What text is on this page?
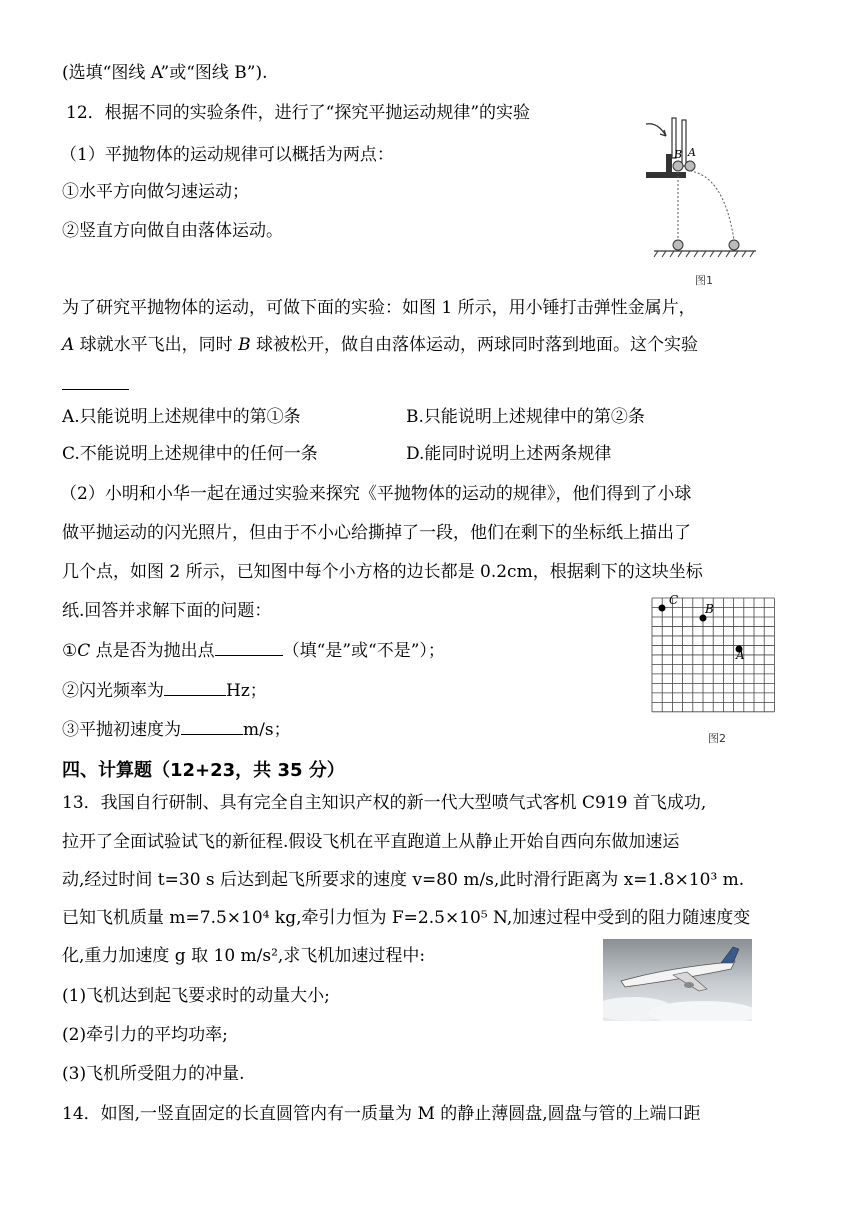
(选填“图线 A”或“图线 B”).
12．根据不同的实验条件，进行了“探究平抛运动规律”的实验
（1）平抛物体的运动规律可以概括为两点：
①水平方向做匀速运动；
②竖直方向做自由落体运动。
为了研究平抛物体的运动，可做下面的实验：如图 1 所示，用小锤打击弹性金属片，
A 球就水平飞出，同时 B 球被松开，做自由落体运动，两球同时落到地面。这个实验
A.只能说明上述规律中的第①条	B.只能说明上述规律中的第②条
C.不能说明上述规律中的任何一条	D.能同时说明上述两条规律
（2）小明和小华一起在通过实验来探究《平抛物体的运动的规律》，他们得到了小球
做平抛运动的闪光照片，但由于不小心给撕掉了一段，他们在剩下的坐标纸上描出了
几个点，如图 2 所示，已知图中每个小方格的边长都是 0.2cm，根据剩下的这块坐标
纸.回答并求解下面的问题：
①C 点是否为抛出点	（填“是”或“不是”）；
②闪光频率为	Hz；
③平抛初速度为	m/s；
四、计算题（12+23，共 35 分）
13．我国自行研制、具有完全自主知识产权的新一代大型喷气式客机 C919 首飞成功,
拉开了全面试验试飞的新征程.假设飞机在平直跑道上从静止开始自西向东做加速运
动,经过时间 t=30 s 后达到起飞所要求的速度 v=80 m/s,此时滑行距离为 x=1.8×10³ m.
已知飞机质量 m=7.5×10⁴ kg,牵引力恒为 F=2.5×10⁵ N,加速过程中受到的阻力随速度变
化,重力加速度 g 取 10 m/s²,求飞机加速过程中:
(1)飞机达到起飞要求时的动量大小;
(2)牵引力的平均功率;
(3)飞机所受阻力的冲量.
14．如图,一竖直固定的长直圆管内有一质量为 M 的静止薄圆盘,圆盘与管的上端口距
B A
图1
C
B
A
图2
